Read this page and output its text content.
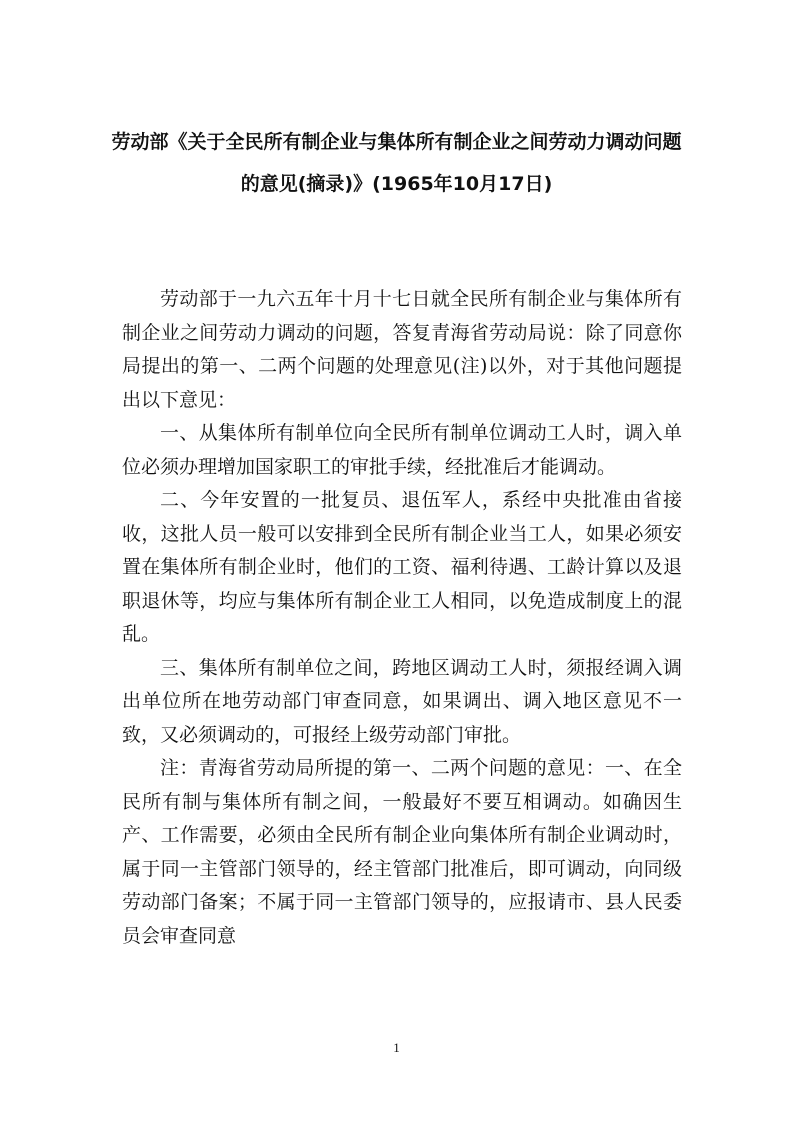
劳动部《关于全民所有制企业与集体所有制企业之间劳动力调动问题
的意见(摘录)》(1965年10月17日)

劳动部于一九六五年十月十七日就全民所有制企业与集体所有制企业之间劳动力调动的问题，答复青海省劳动局说：除了同意你局提出的第一、二两个问题的处理意见(注)以外，对于其他问题提出以下意见：

一、从集体所有制单位向全民所有制单位调动工人时，调入单位必须办理增加国家职工的审批手续，经批准后才能调动。

二、今年安置的一批复员、退伍军人，系经中央批准由省接收，这批人员一般可以安排到全民所有制企业当工人，如果必须安置在集体所有制企业时，他们的工资、福利待遇、工龄计算以及退职退休等，均应与集体所有制企业工人相同，以免造成制度上的混乱。

三、集体所有制单位之间，跨地区调动工人时，须报经调入调出单位所在地劳动部门审查同意，如果调出、调入地区意见不一致，又必须调动的，可报经上级劳动部门审批。

注：青海省劳动局所提的第一、二两个问题的意见：一、在全民所有制与集体所有制之间，一般最好不要互相调动。如确因生产、工作需要，必须由全民所有制企业向集体所有制企业调动时，属于同一主管部门领导的，经主管部门批准后，即可调动，向同级劳动部门备案；不属于同一主管部门领导的，应报请市、县人民委员会审查同意

1
